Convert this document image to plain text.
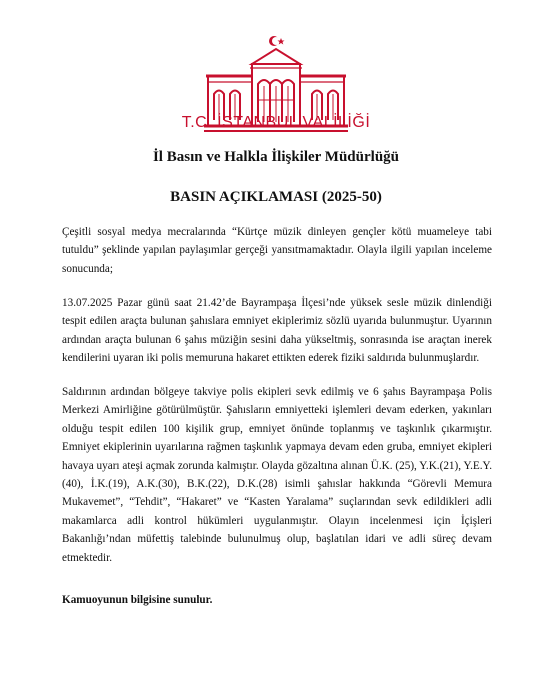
T.C. İSTANBUL VALİLİĞİ
İl Basın ve Halkla İlişkiler Müdürlüğü
BASIN AÇIKLAMASI (2025-50)

Çeşitli sosyal medya mecralarında “Kürtçe müzik dinleyen gençler kötü muameleye tabi tutuldu” şeklinde yapılan paylaşımlar gerçeği yansıtmamaktadır. Olayla ilgili yapılan inceleme sonucunda;

13.07.2025 Pazar günü saat 21.42’de Bayrampaşa İlçesi’nde yüksek sesle müzik dinlendiği tespit edilen araçta bulunan şahıslara emniyet ekiplerimiz sözlü uyarıda bulunmuştur. Uyarının ardından araçta bulunan 6 şahıs müziğin sesini daha yükseltmiş, sonrasında ise araçtan inerek kendilerini uyaran iki polis memuruna hakaret ettikten ederek fiziki saldırıda bulunmuşlardır.

Saldırının ardından bölgeye takviye polis ekipleri sevk edilmiş ve 6 şahıs Bayrampaşa Polis Merkezi Amirliğine götürülmüştür. Şahısların emniyetteki işlemleri devam ederken, yakınları olduğu tespit edilen 100 kişilik grup, emniyet önünde toplanmış ve taşkınlık çıkarmıştır. Emniyet ekiplerinin uyarılarına rağmen taşkınlık yapmaya devam eden gruba, emniyet ekipleri havaya uyarı ateşi açmak zorunda kalmıştır. Olayda gözaltına alınan Ü.K. (25), Y.K.(21), Y.E.Y.(40), İ.K.(19), A.K.(30), B.K.(22), D.K.(28) isimli şahıslar hakkında “Görevli Memura Mukavemet”, “Tehdit”, “Hakaret” ve “Kasten Yaralama” suçlarından sevk edildikleri adli makamlarca adli kontrol hükümleri uygulanmıştır. Olayın incelenmesi için İçişleri Bakanlığı’ndan müfettiş talebinde bulunulmuş olup, başlatılan idari ve adli süreç devam etmektedir.

Kamuoyunun bilgisine sunulur.
